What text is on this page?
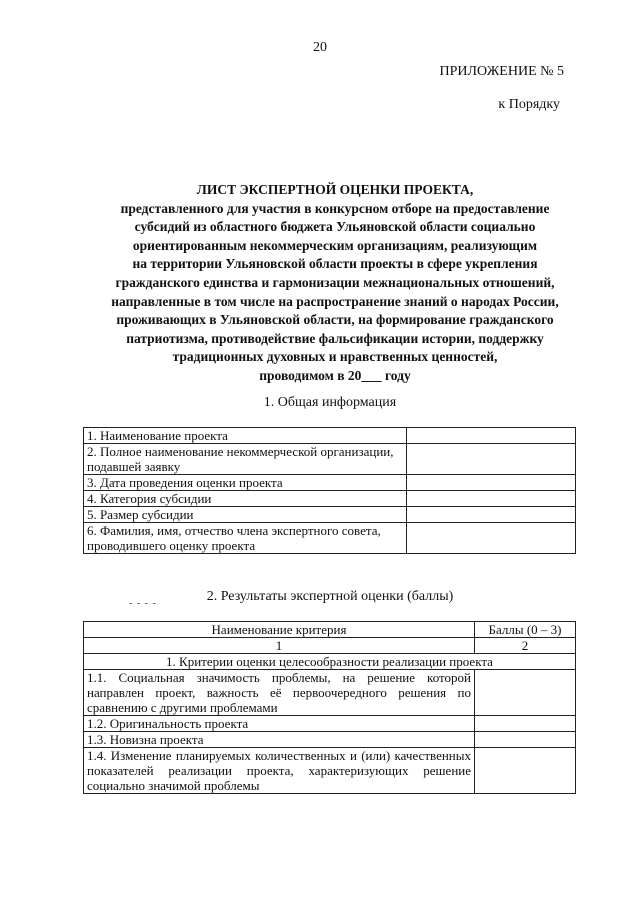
20
ПРИЛОЖЕНИЕ № 5
к Порядку
ЛИСТ ЭКСПЕРТНОЙ ОЦЕНКИ ПРОЕКТА,
представленного для участия в конкурсном отборе на предоставление
субсидий из областного бюджета Ульяновской области социально
ориентированным некоммерческим организациям, реализующим
на территории Ульяновской области проекты в сфере укрепления
гражданского единства и гармонизации межнациональных отношений,
направленные в том числе на распространение знаний о народах России,
проживающих в Ульяновской области, на формирование гражданского
патриотизма, противодействие фальсификации истории, поддержку
традиционных духовных и нравственных ценностей,
проводимом в 20___ году
1. Общая информация
1. Наименование проекта	
2. Полное наименование некоммерческой организации, подавшей заявку	
3. Дата проведения оценки проекта	
4. Категория субсидии	
5. Размер субсидии	
6. Фамилия, имя, отчество члена экспертного совета, проводившего оценку проекта	
2. Результаты экспертной оценки (баллы)
- - - -
Наименование критерия	Баллы (0 – 3)
1	2
1. Критерии оценки целесообразности реализации проекта	
1.1. Социальная значимость проблемы, на решение которой направлен проект, важность её первоочередного решения по сравнению с другими проблемами	
1.2. Оригинальность проекта	
1.3. Новизна проекта	
1.4. Изменение планируемых количественных и (или) качественных показателей реализации проекта, характеризующих решение социально значимой проблемы	
